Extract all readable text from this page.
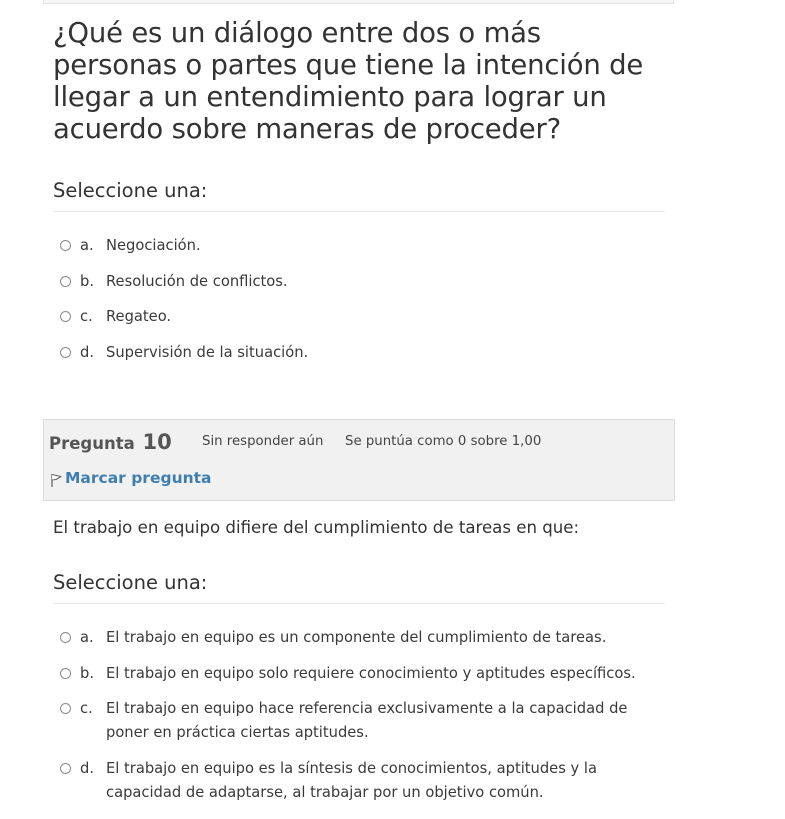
¿Qué es un diálogo entre dos o más personas o partes que tiene la intención de llegar a un entendimiento para lograr un acuerdo sobre maneras de proceder?
Seleccione una:
a. Negociación.
b. Resolución de conflictos.
c. Regateo.
d. Supervisión de la situación.
Pregunta 10 Sin responder aún Se puntúa como 0 sobre 1,00
Marcar pregunta
El trabajo en equipo difiere del cumplimiento de tareas en que:
Seleccione una:
a. El trabajo en equipo es un componente del cumplimiento de tareas.
b. El trabajo en equipo solo requiere conocimiento y aptitudes específicos.
c. El trabajo en equipo hace referencia exclusivamente a la capacidad de poner en práctica ciertas aptitudes.
d. El trabajo en equipo es la síntesis de conocimientos, aptitudes y la capacidad de adaptarse, al trabajar por un objetivo común.
